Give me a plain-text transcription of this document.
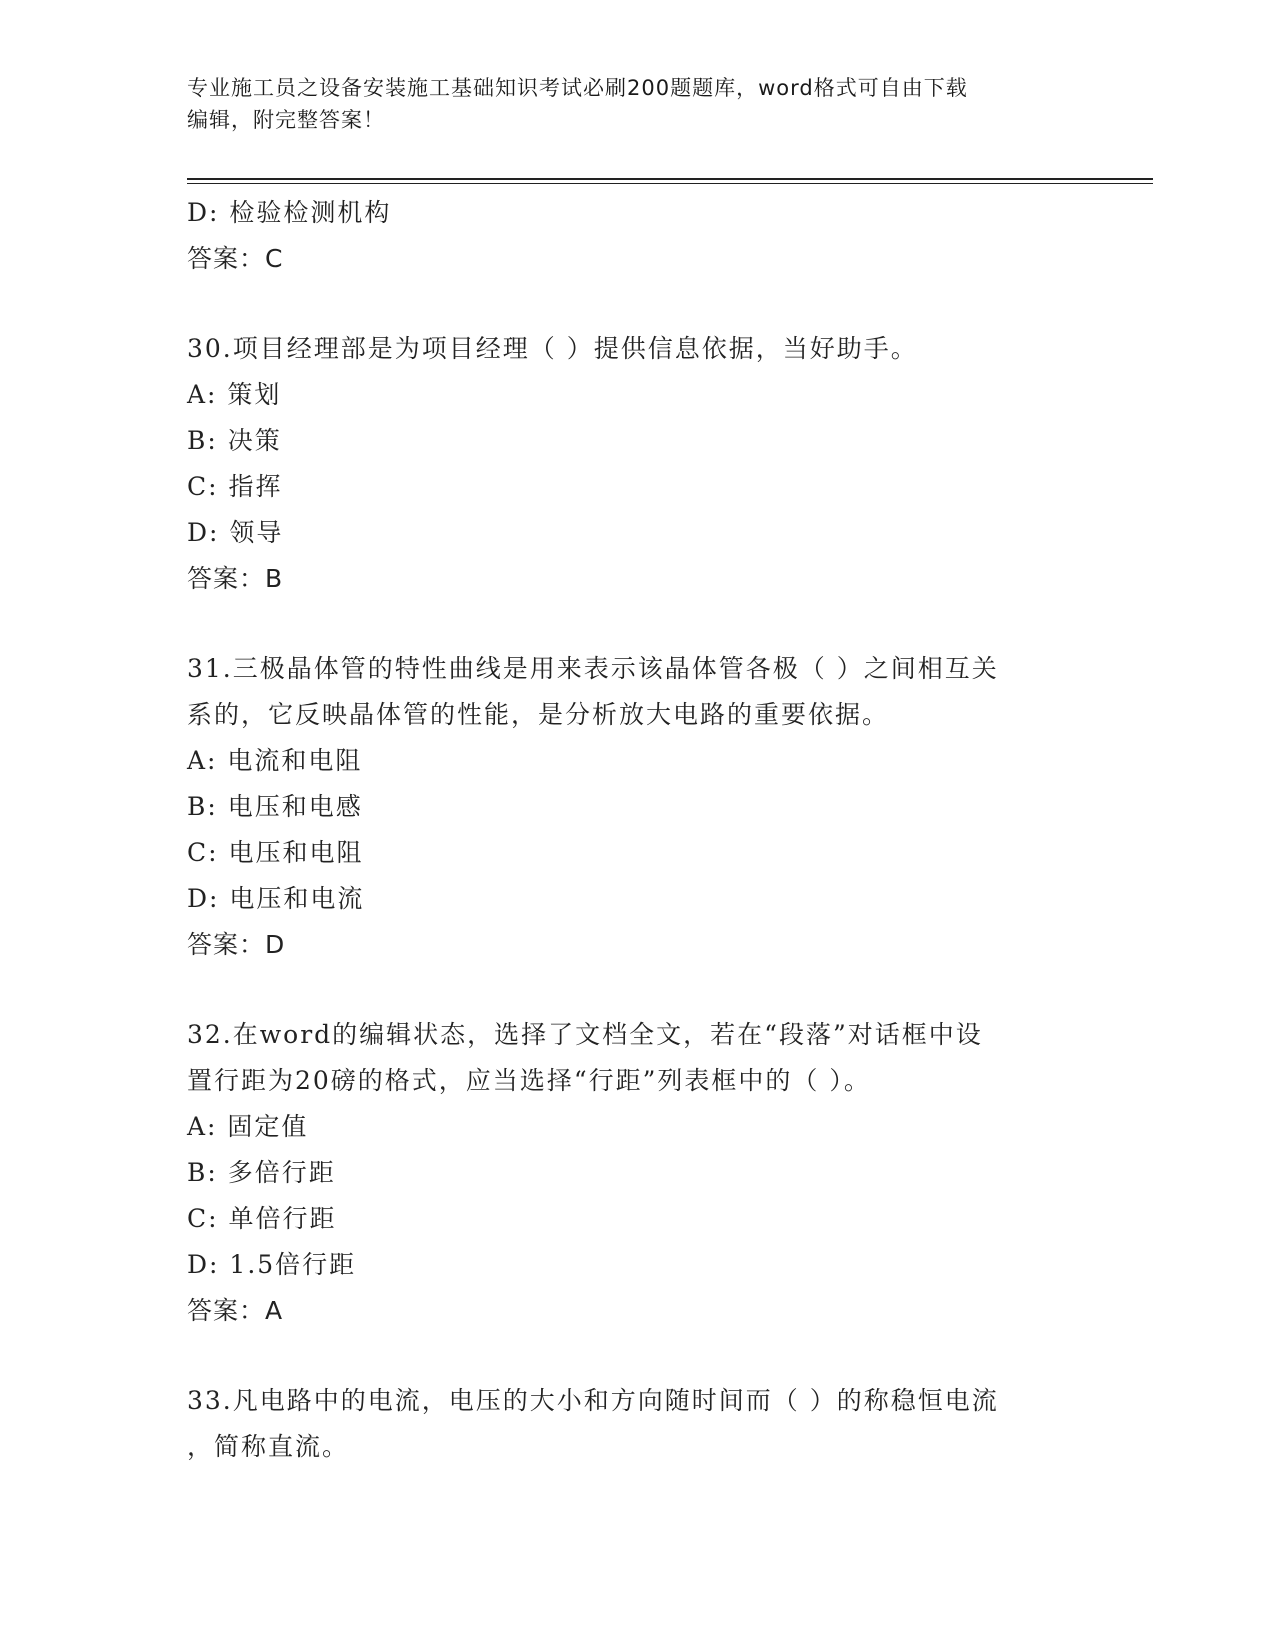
专业施工员之设备安装施工基础知识考试必刷200题题库，word格式可自由下载
编辑，附完整答案！
D: 检验检测机构
答案：C
30.项目经理部是为项目经理（ ）提供信息依据，当好助手。
A: 策划
B: 决策
C: 指挥
D: 领导
答案：B
31.三极晶体管的特性曲线是用来表示该晶体管各极（ ）之间相互关
系的，它反映晶体管的性能，是分析放大电路的重要依据。
A: 电流和电阻
B: 电压和电感
C: 电压和电阻
D: 电压和电流
答案：D
32.在word的编辑状态，选择了文档全文，若在“段落”对话框中设
置行距为20磅的格式，应当选择“行距”列表框中的（ ）。
A: 固定值
B: 多倍行距
C: 单倍行距
D: 1.5倍行距
答案：A
33.凡电路中的电流，电压的大小和方向随时间而（ ）的称稳恒电流
，简称直流。
